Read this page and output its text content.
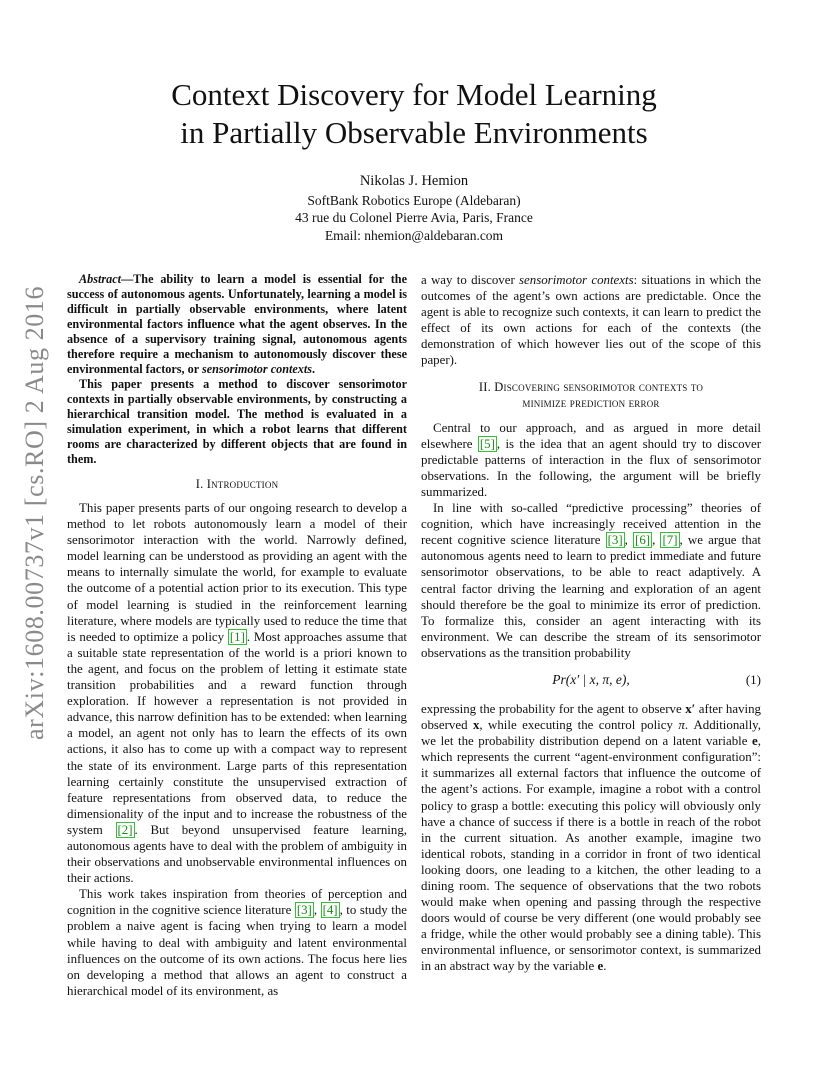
arXiv:1608.00737v1 [cs.RO] 2 Aug 2016
Context Discovery for Model Learning
in Partially Observable Environments
Nikolas J. Hemion
SoftBank Robotics Europe (Aldebaran)
43 rue du Colonel Pierre Avia, Paris, France
Email: nhemion@aldebaran.com

Abstract—The ability to learn a model is essential for the success of autonomous agents. Unfortunately, learning a model is difficult in partially observable environments, where latent environmental factors influence what the agent observes. In the absence of a supervisory training signal, autonomous agents therefore require a mechanism to autonomously discover these environmental factors, or sensorimotor contexts.

This paper presents a method to discover sensorimotor contexts in partially observable environments, by constructing a hierarchical transition model. The method is evaluated in a simulation experiment, in which a robot learns that different rooms are characterized by different objects that are found in them.

I. Introduction

This paper presents parts of our ongoing research to develop a method to let robots autonomously learn a model of their sensorimotor interaction with the world. Narrowly defined, model learning can be understood as providing an agent with the means to internally simulate the world, for example to evaluate the outcome of a potential action prior to its execution. This type of model learning is studied in the reinforcement learning literature, where models are typically used to reduce the time that is needed to optimize a policy [1] . Most approaches assume that a suitable state representation of the world is a priori known to the agent, and focus on the problem of letting it estimate state transition probabilities and a reward function through exploration. If however a representation is not provided in advance, this narrow definition has to be extended: when learning a model, an agent not only has to learn the effects of its own actions, it also has to come up with a compact way to represent the state of its environment. Large parts of this representation learning certainly constitute the unsupervised extraction of feature representations from observed data, to reduce the dimensionality of the input and to increase the robustness of the system [2] . But beyond unsupervised feature learning, autonomous agents have to deal with the problem of ambiguity in their observations and unobservable environmental influences on their actions.

This work takes inspiration from theories of perception and cognition in the cognitive science literature [3] , [4] , to study the problem a naive agent is facing when trying to learn a model while having to deal with ambiguity and latent environmental influences on the outcome of its own actions. The focus here lies on developing a method that allows an agent to construct a hierarchical model of its environment, as

a way to discover sensorimotor contexts: situations in which the outcomes of the agent’s own actions are predictable. Once the agent is able to recognize such contexts, it can learn to predict the effect of its own actions for each of the contexts (the demonstration of which however lies out of the scope of this paper).

II. Discovering sensorimotor contexts to
minimize prediction error

Central to our approach, and as argued in more detail elsewhere [5] , is the idea that an agent should try to discover predictable patterns of interaction in the flux of sensorimotor observations. In the following, the argument will be briefly summarized.

In line with so-called “predictive processing” theories of cognition, which have increasingly received attention in the recent cognitive science literature [3] , [6] , [7] , we argue that autonomous agents need to learn to predict immediate and future sensorimotor observations, to be able to react adaptively. A central factor driving the learning and exploration of an agent should therefore be the goal to minimize its error of prediction. To formalize this, consider an agent interacting with its environment. We can describe the stream of its sensorimotor observations as the transition probability

Pr(x′ | x, π, e),	(1)

expressing the probability for the agent to observe x′ after having observed x, while executing the control policy π. Additionally, we let the probability distribution depend on a latent variable e, which represents the current “agent-environment configuration”: it summarizes all external factors that influence the outcome of the agent’s actions. For example, imagine a robot with a control policy to grasp a bottle: executing this policy will obviously only have a chance of success if there is a bottle in reach of the robot in the current situation. As another example, imagine two identical robots, standing in a corridor in front of two identical looking doors, one leading to a kitchen, the other leading to a dining room. The sequence of observations that the two robots would make when opening and passing through the respective doors would of course be very different (one would probably see a fridge, while the other would probably see a dining table). This environmental influence, or sensorimotor context, is summarized in an abstract way by the variable e.
